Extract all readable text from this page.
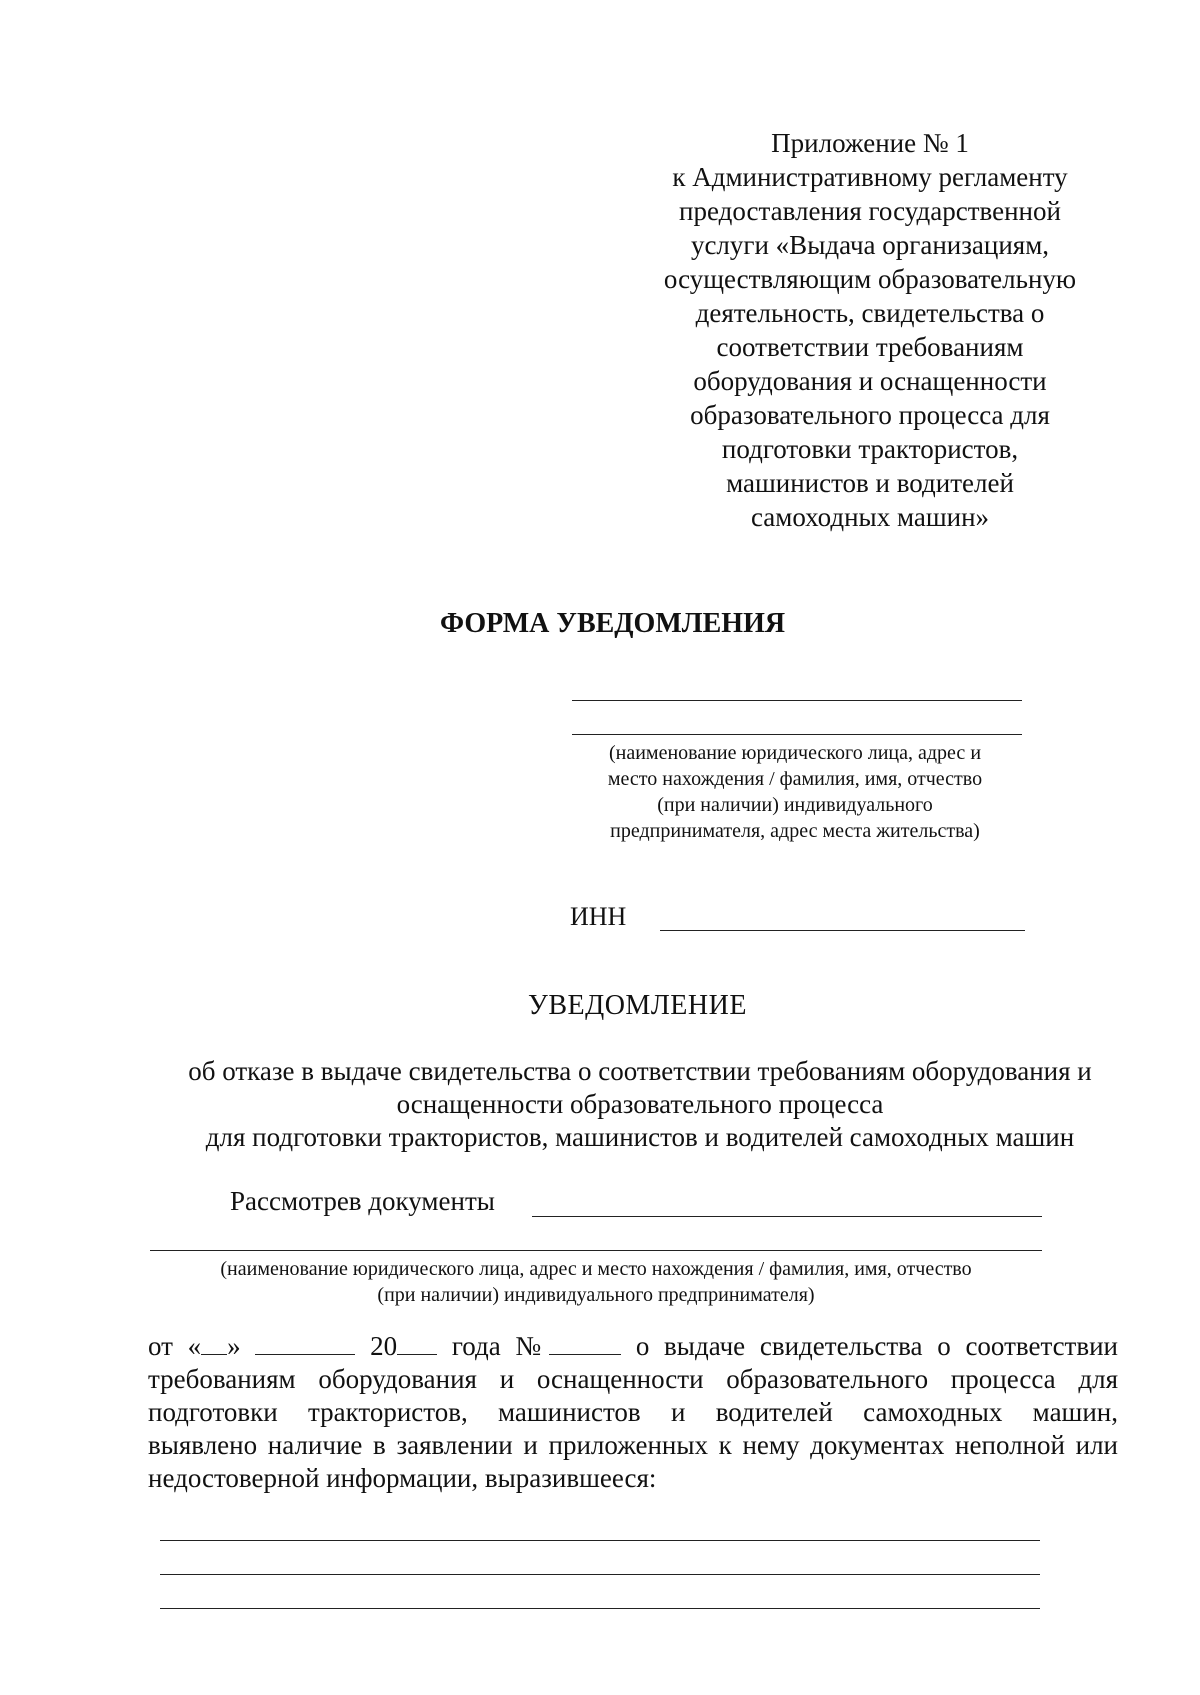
Приложение № 1
к Административному регламенту
предоставления государственной
услуги «Выдача организациям,
осуществляющим образовательную
деятельность, свидетельства о
соответствии требованиям
оборудования и оснащенности
образовательного процесса для
подготовки трактористов,
машинистов и водителей
самоходных машин»
ФОРМА УВЕДОМЛЕНИЯ
(наименование юридического лица, адрес и
место нахождения / фамилия, имя, отчество
(при наличии) индивидуального
предпринимателя, адрес места жительства)
ИНН
УВЕДОМЛЕНИЕ
об отказе в выдаче свидетельства о соответствии требованиям оборудования и
оснащенности образовательного процесса
для подготовки трактористов, машинистов и водителей самоходных машин
Рассмотрев документы
(наименование юридического лица, адрес и место нахождения / фамилия, имя, отчество
(при наличии) индивидуального предпринимателя)
от « »	20 года №	о выдаче свидетельства о соответствии
требованиям оборудования и оснащенности образовательного процесса для
подготовки трактористов, машинистов и водителей самоходных машин,
выявлено наличие в заявлении и приложенных к нему документах неполной или
недостоверной информации, выразившееся:
